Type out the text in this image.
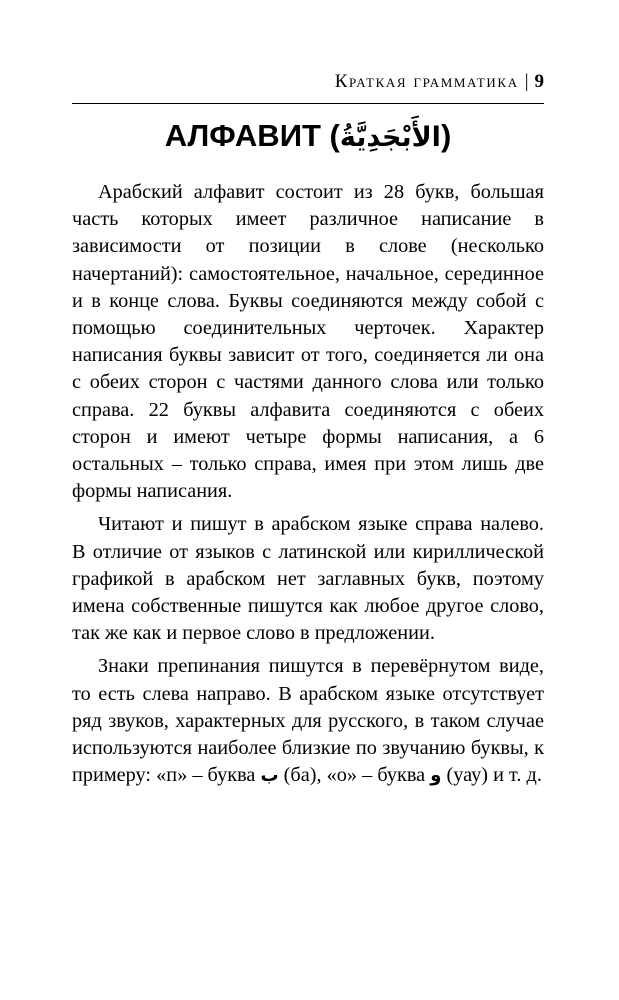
Краткая грамматика | 9
АЛФАВИТ (الأَبْجَدِيَّةُ)

Арабский алфавит состоит из 28 букв, большая часть которых имеет различное написание в зависимости от позиции в слове (несколько начертаний): самостоятельное, начальное, серединное и в конце слова. Буквы соединяются между собой с помощью соединительных черточек. Характер написания буквы зависит от того, соединяется ли она с обеих сторон с частями данного слова или только справа. 22 буквы алфавита соединяются с обеих сторон и имеют четыре формы написания, а 6 остальных – только справа, имея при этом лишь две формы написания.

Читают и пишут в арабском языке справа налево. В отличие от языков с латинской или кириллической графикой в арабском нет заглавных букв, поэтому имена собственные пишутся как любое другое слово, так же как и первое слово в предложении.

Знаки препинания пишутся в перевёрнутом виде, то есть слева направо. В арабском языке отсутствует ряд звуков, характерных для русского, в таком случае используются наиболее близкие по звучанию буквы, к примеру: «п» – буква ب (ба), «о» – буква و (уау) и т. д.
